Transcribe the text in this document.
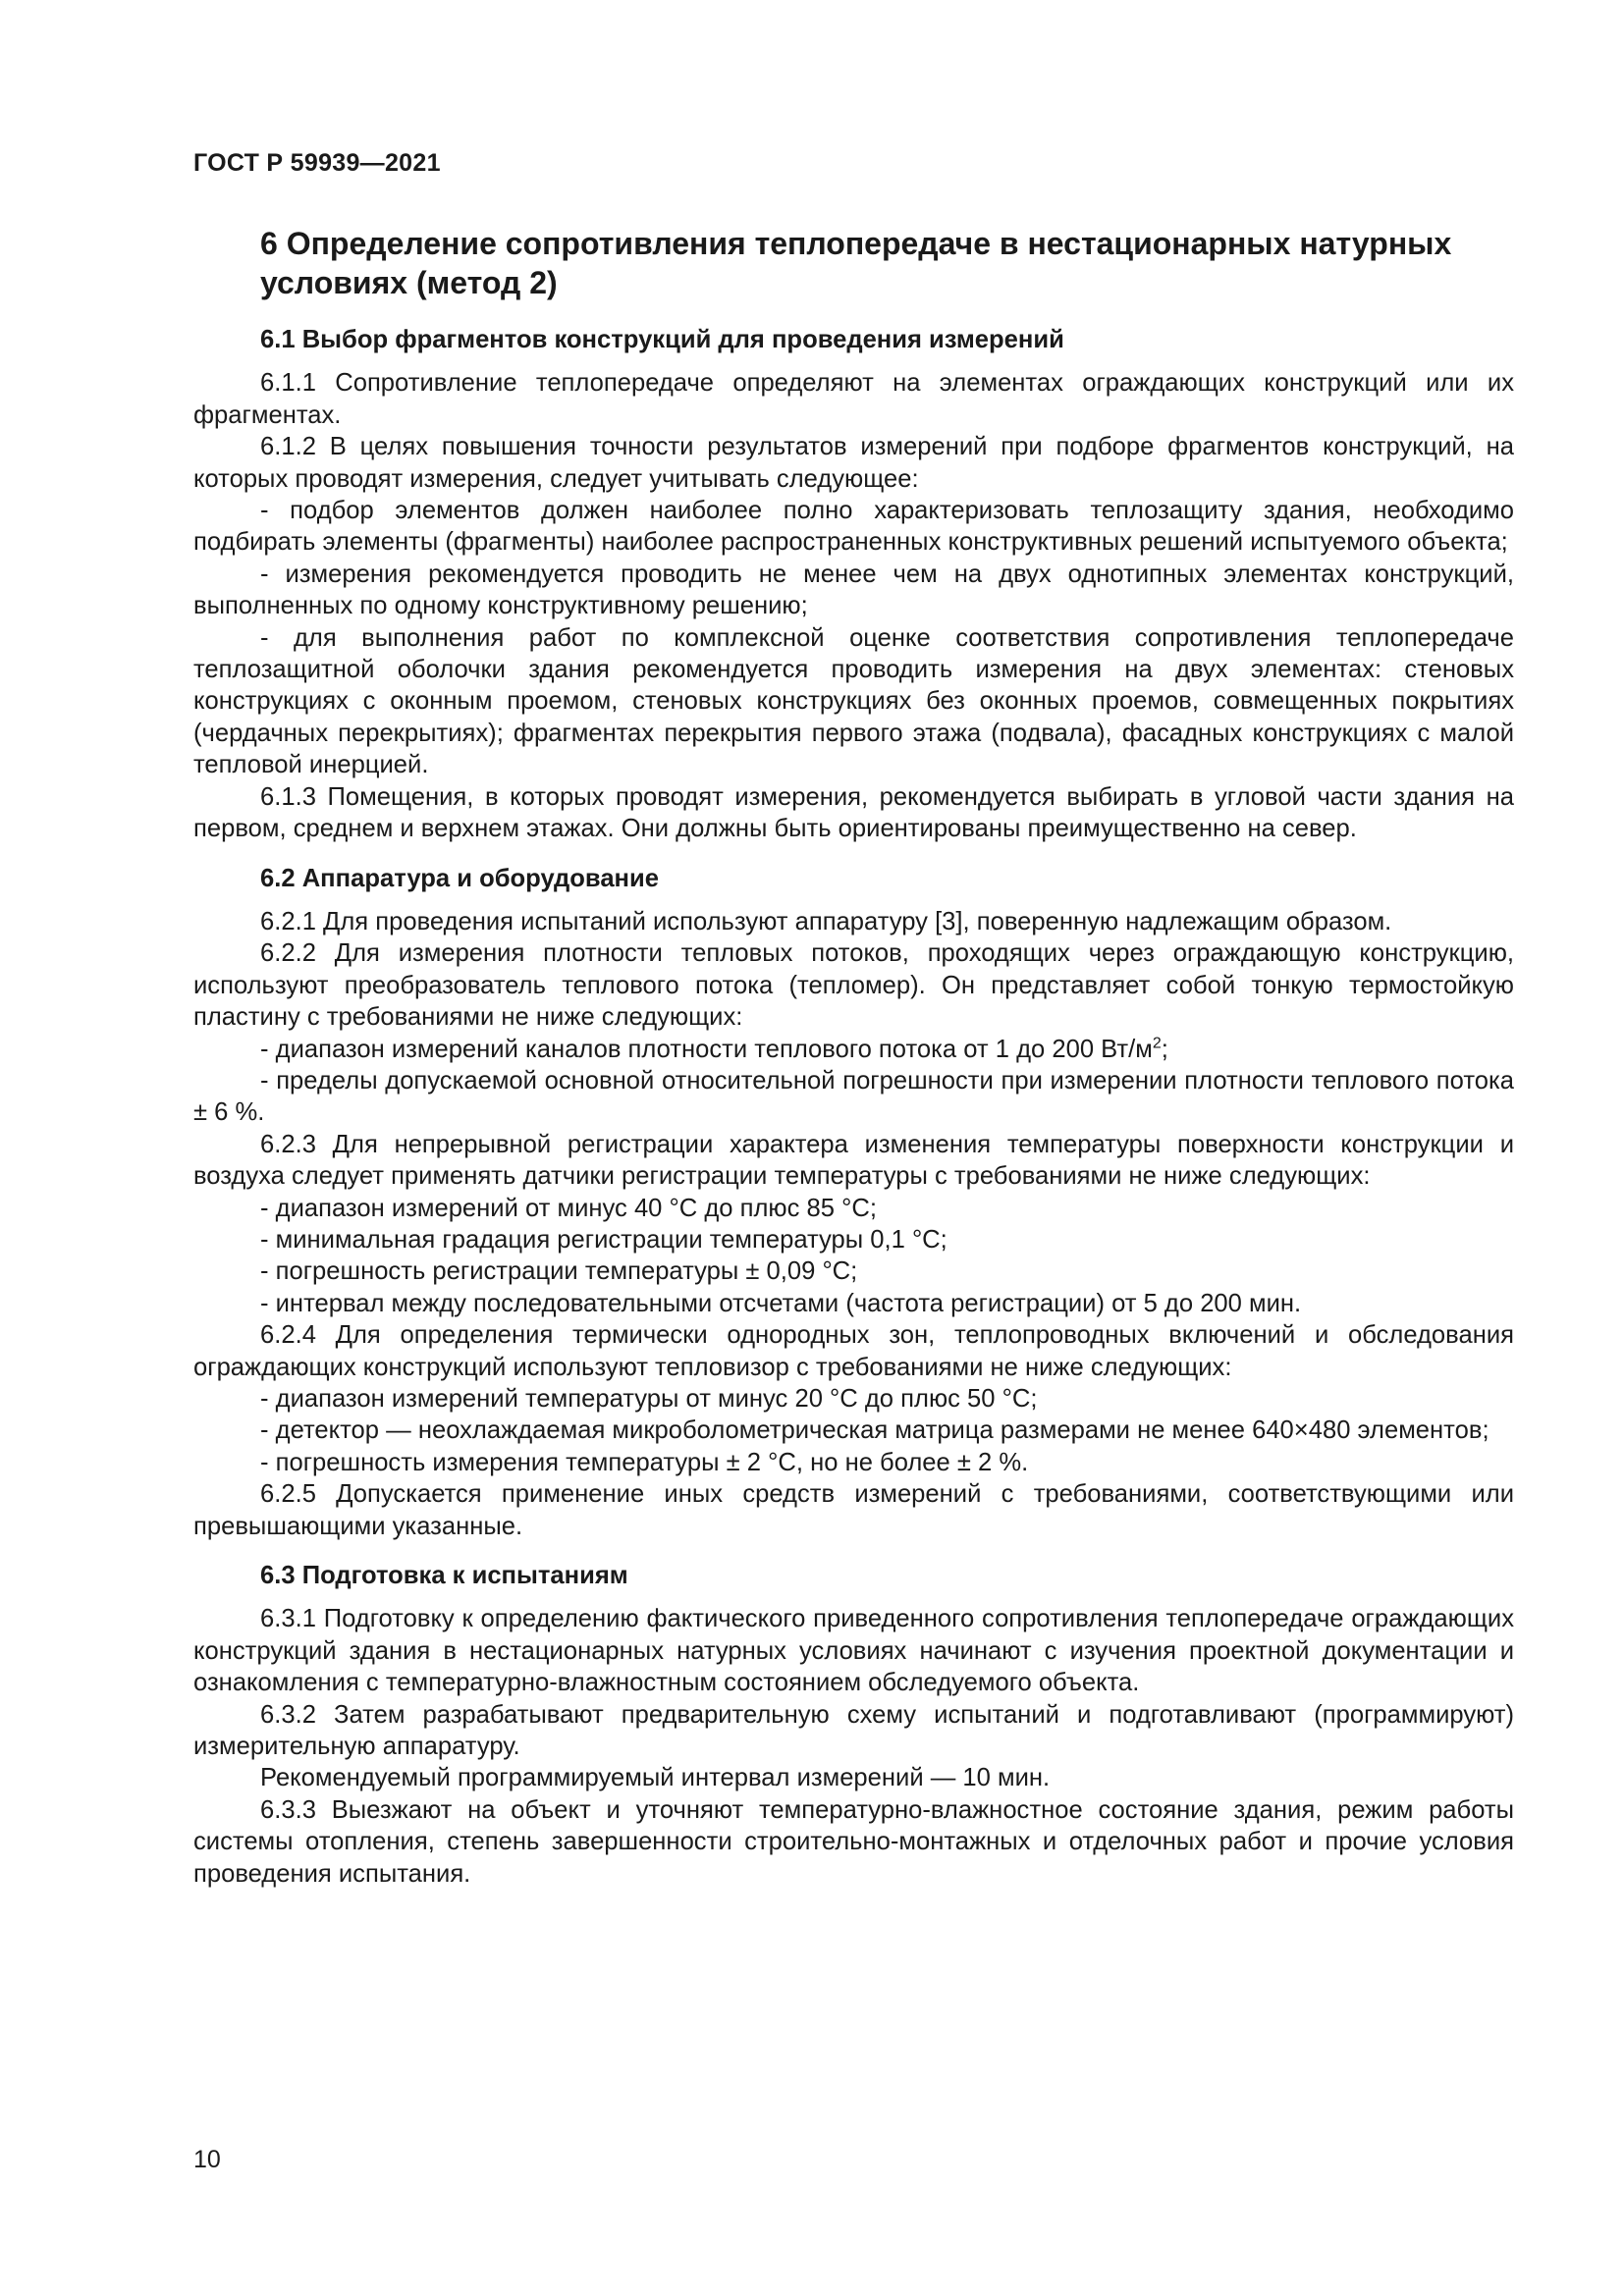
ГОСТ Р 59939—2021
6 Определение сопротивления теплопередаче в нестационарных натурных условиях (метод 2)
6.1 Выбор фрагментов конструкций для проведения измерений

6.1.1 Сопротивление теплопередаче определяют на элементах ограждающих конструкций или их фрагментах.

6.1.2 В целях повышения точности результатов измерений при подборе фрагментов конструкций, на которых проводят измерения, следует учитывать следующее:

- подбор элементов должен наиболее полно характеризовать теплозащиту здания, необходимо подбирать элементы (фрагменты) наиболее распространенных конструктивных решений испытуемого объекта;

- измерения рекомендуется проводить не менее чем на двух однотипных элементах конструкций, выполненных по одному конструктивному решению;

- для выполнения работ по комплексной оценке соответствия сопротивления теплопередаче теплозащитной оболочки здания рекомендуется проводить измерения на двух элементах: стеновых конструкциях с оконным проемом, стеновых конструкциях без оконных проемов, совмещенных покрытиях (чердачных перекрытиях); фрагментах перекрытия первого этажа (подвала), фасадных конструкциях с малой тепловой инерцией.

6.1.3 Помещения, в которых проводят измерения, рекомендуется выбирать в угловой части здания на первом, среднем и верхнем этажах. Они должны быть ориентированы преимущественно на север.

6.2 Аппаратура и оборудование

6.2.1 Для проведения испытаний используют аппаратуру [3], поверенную надлежащим образом.

6.2.2 Для измерения плотности тепловых потоков, проходящих через ограждающую конструкцию, используют преобразователь теплового потока (тепломер). Он представляет собой тонкую термостойкую пластину с требованиями не ниже следующих:

- диапазон измерений каналов плотности теплового потока от 1 до 200 $Вт/м^2$;

- пределы допускаемой основной относительной погрешности при измерении плотности теплового потока ± 6 %.

6.2.3 Для непрерывной регистрации характера изменения температуры поверхности конструкции и воздуха следует применять датчики регистрации температуры с требованиями не ниже следующих:

- диапазон измерений от минус 40 °С до плюс 85 °С;

- минимальная градация регистрации температуры 0,1 °С;

- погрешность регистрации температуры ± 0,09 °С;

- интервал между последовательными отсчетами (частота регистрации) от 5 до 200 мин.

6.2.4 Для определения термически однородных зон, теплопроводных включений и обследования ограждающих конструкций используют тепловизор с требованиями не ниже следующих:

- диапазон измерений температуры от минус 20 °С до плюс 50 °С;

- детектор — неохлаждаемая микроболометрическая матрица размерами не менее 640×480 элементов;

- погрешность измерения температуры ± 2 °С, но не более ± 2 %.

6.2.5 Допускается применение иных средств измерений с требованиями, соответствующими или превышающими указанные.

6.3 Подготовка к испытаниям

6.3.1 Подготовку к определению фактического приведенного сопротивления теплопередаче ограждающих конструкций здания в нестационарных натурных условиях начинают с изучения проектной документации и ознакомления с температурно-влажностным состоянием обследуемого объекта.

6.3.2 Затем разрабатывают предварительную схему испытаний и подготавливают (программируют) измерительную аппаратуру.

Рекомендуемый программируемый интервал измерений — 10 мин.

6.3.3 Выезжают на объект и уточняют температурно-влажностное состояние здания, режим работы системы отопления, степень завершенности строительно-монтажных и отделочных работ и прочие условия проведения испытания.

10
